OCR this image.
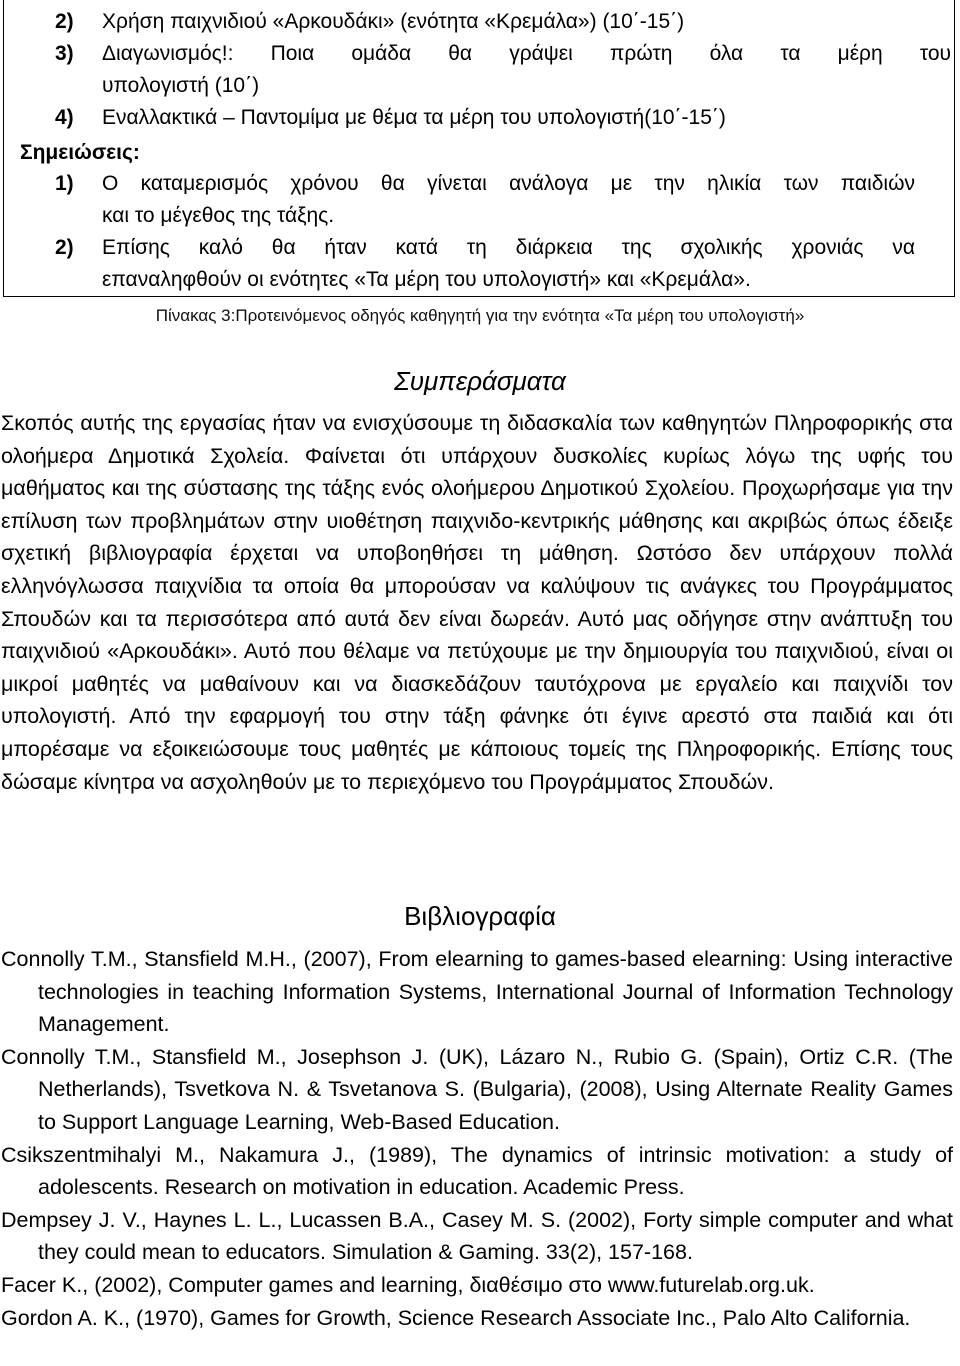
2) Χρήση παιχνιδιού «Αρκουδάκι» (ενότητα «Κρεμάλα») (10΄-15΄)
3) Διαγωνισμός!: Ποια ομάδα θα γράψει πρώτη όλα τα μέρη του
υπολογιστή (10΄)
4) Εναλλακτικά – Παντομίμα με θέμα τα μέρη του υπολογιστή(10΄-15΄)
Σημειώσεις:
1) Ο καταμερισμός χρόνου θα γίνεται ανάλογα με την ηλικία των παιδιών
και το μέγεθος της τάξης.
2) Επίσης καλό θα ήταν κατά τη διάρκεια της σχολικής χρονιάς να
επαναληφθούν οι ενότητες «Τα μέρη του υπολογιστή» και «Κρεμάλα».
Πίνακας 3:Προτεινόμενος οδηγός καθηγητή για την ενότητα «Τα μέρη του υπολογιστή»
Συμπεράσματα

Σκοπός αυτής της εργασίας ήταν να ενισχύσουμε τη διδασκαλία των καθηγητών Πληροφορικής στα ολοήμερα Δημοτικά Σχολεία. Φαίνεται ότι υπάρχουν δυσκολίες κυρίως λόγω της υφής του μαθήματος και της σύστασης της τάξης ενός ολοήμερου Δημοτικού Σχολείου. Προχωρήσαμε για την επίλυση των προβλημάτων στην υιοθέτηση παιχνιδο-κεντρικής μάθησης και ακριβώς όπως έδειξε σχετική βιβλιογραφία έρχεται να υποβοηθήσει τη μάθηση. Ωστόσο δεν υπάρχουν πολλά ελληνόγλωσσα παιχνίδια τα οποία θα μπορούσαν να καλύψουν τις ανάγκες του Προγράμματος Σπουδών και τα περισσότερα από αυτά δεν είναι δωρεάν. Αυτό μας οδήγησε στην ανάπτυξη του παιχνιδιού «Αρκουδάκι». Αυτό που θέλαμε να πετύχουμε με την δημιουργία του παιχνιδιού, είναι οι μικροί μαθητές να μαθαίνουν και να διασκεδάζουν ταυτόχρονα με εργαλείο και παιχνίδι τον υπολογιστή. Από την εφαρμογή του στην τάξη φάνηκε ότι έγινε αρεστό στα παιδιά και ότι μπορέσαμε να εξοικειώσουμε τους μαθητές με κάποιους τομείς της Πληροφορικής. Επίσης τους δώσαμε κίνητρα να ασχοληθούν με το περιεχόμενο του Προγράμματος Σπουδών.

Βιβλιογραφία

Connolly T.M., Stansfield M.H., (2007), From elearning to games-based elearning: Using interactive technologies in teaching Information Systems, International Journal of Information Technology Management.

Connolly T.M., Stansfield M., Josephson J. (UK), Lázaro N., Rubio G. (Spain), Ortiz C.R. (The Netherlands), Tsvetkova N. & Tsvetanova S. (Bulgaria), (2008), Using Alternate Reality Games to Support Language Learning, Web-Based Education.

Csikszentmihalyi M., Nakamura J., (1989), The dynamics of intrinsic motivation: a study of adolescents. Research on motivation in education. Academic Press.

Dempsey J. V., Haynes L. L., Lucassen B.A., Casey M. S. (2002), Forty simple computer and what they could mean to educators. Simulation & Gaming. 33(2), 157-168.

Facer K., (2002), Computer games and learning, διαθέσιμο στο www.futurelab.org.uk.

Gordon A. K., (1970), Games for Growth, Science Research Associate Inc., Palo Alto California.
